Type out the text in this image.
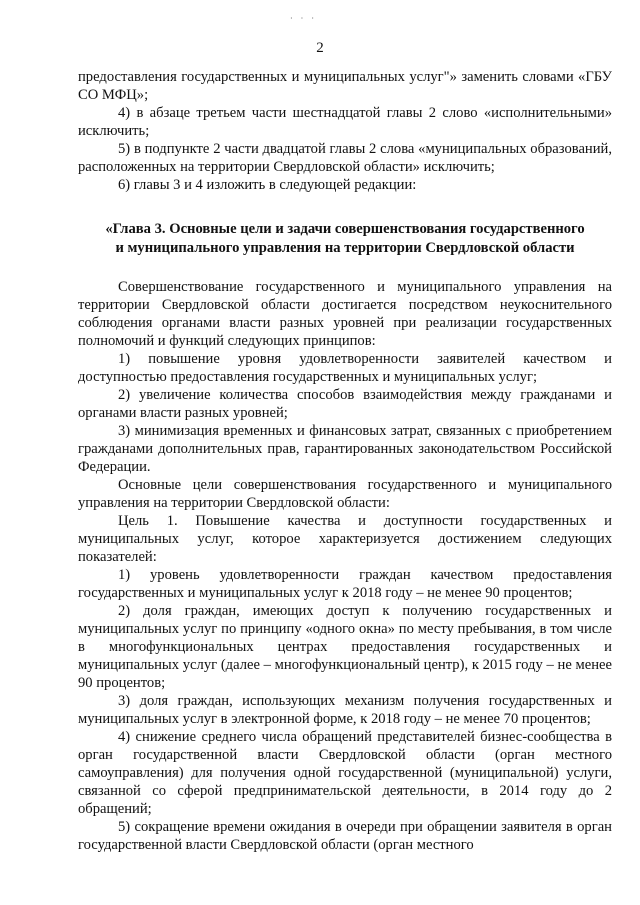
· · ·
2

предоставления государственных и муниципальных услуг"» заменить словами «ГБУ СО МФЦ»;

4) в абзаце третьем части шестнадцатой главы 2 слово «исполнительными» исключить;

5) в подпункте 2 части двадцатой главы 2 слова «муниципальных образований, расположенных на территории Свердловской области» исключить;

6) главы 3 и 4 изложить в следующей редакции:

«Глава 3. Основные цели и задачи совершенствования государственного
и муниципального управления на территории Свердловской области

Совершенствование государственного и муниципального управления на территории Свердловской области достигается посредством неукоснительного соблюдения органами власти разных уровней при реализации государственных полномочий и функций следующих принципов:

1) повышение уровня удовлетворенности заявителей качеством и доступностью предоставления государственных и муниципальных услуг;

2) увеличение количества способов взаимодействия между гражданами и органами власти разных уровней;

3) минимизация временных и финансовых затрат, связанных с приобретением гражданами дополнительных прав, гарантированных законодательством Российской Федерации.

Основные цели совершенствования государственного и муниципального управления на территории Свердловской области:

Цель 1. Повышение качества и доступности государственных и муниципальных услуг, которое характеризуется достижением следующих показателей:

1) уровень удовлетворенности граждан качеством предоставления государственных и муниципальных услуг к 2018 году – не менее 90 процентов;

2) доля граждан, имеющих доступ к получению государственных и муниципальных услуг по принципу «одного окна» по месту пребывания, в том числе в многофункциональных центрах предоставления государственных и муниципальных услуг (далее – многофункциональный центр), к 2015 году – не менее 90 процентов;

3) доля граждан, использующих механизм получения государственных и муниципальных услуг в электронной форме, к 2018 году – не менее 70 процентов;

4) снижение среднего числа обращений представителей бизнес-сообщества в орган государственной власти Свердловской области (орган местного самоуправления) для получения одной государственной (муниципальной) услуги, связанной со сферой предпринимательской деятельности, в 2014 году до 2 обращений;

5) сокращение времени ожидания в очереди при обращении заявителя в орган государственной власти Свердловской области (орган местного
